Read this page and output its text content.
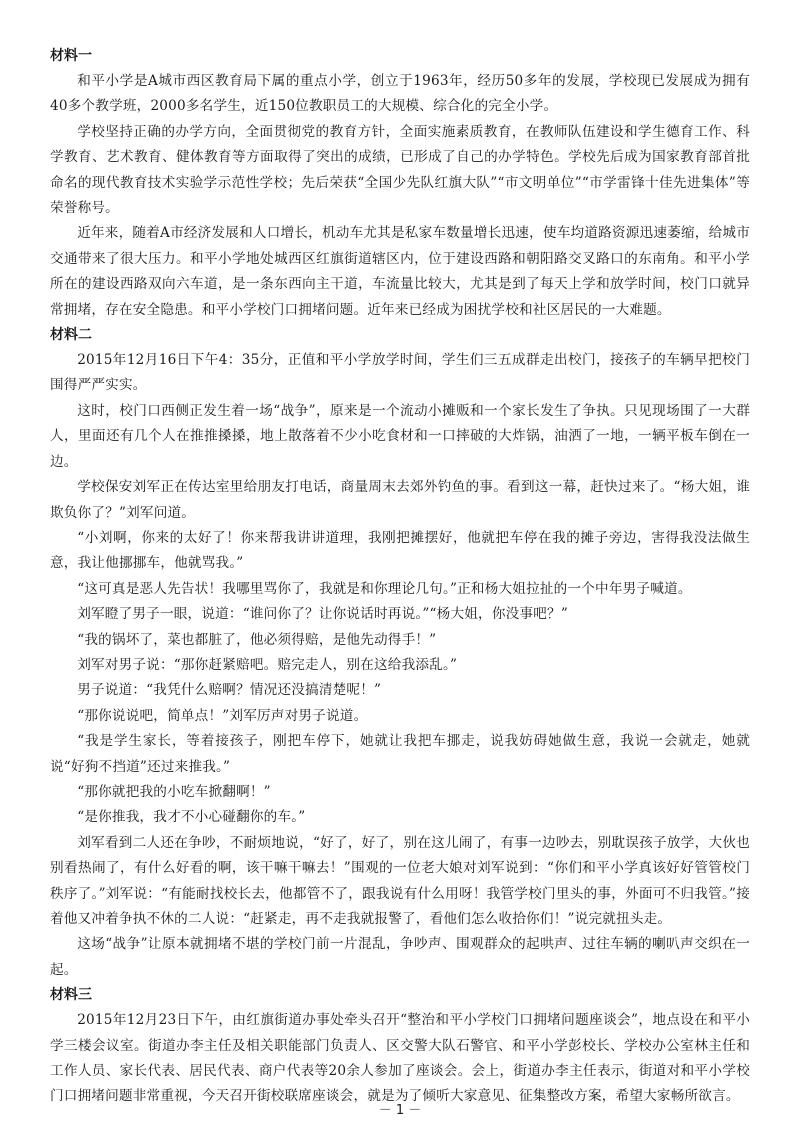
材料一

和平小学是A城市西区教育局下属的重点小学，创立于1963年，经历50多年的发展，学校现已发展成为拥有40多个教学班，2000多名学生，近150位教职员工的大规模、综合化的完全小学。

学校坚持正确的办学方向，全面贯彻党的教育方针，全面实施素质教育，在教师队伍建设和学生德育工作、科学教育、艺术教育、健体教育等方面取得了突出的成绩，已形成了自己的办学特色。学校先后成为国家教育部首批命名的现代教育技术实验学示范性学校；先后荣获“全国少先队红旗大队”“市文明单位”“市学雷锋十佳先进集体”等荣誉称号。

近年来，随着A市经济发展和人口增长，机动车尤其是私家车数量增长迅速，使车均道路资源迅速萎缩，给城市交通带来了很大压力。和平小学地处城西区红旗街道辖区内，位于建设西路和朝阳路交叉路口的东南角。和平小学所在的建设西路双向六车道，是一条东西向主干道，车流量比较大，尤其是到了每天上学和放学时间，校门口就异常拥堵，存在安全隐患。和平小学校门口拥堵问题。近年来已经成为困扰学校和社区居民的一大难题。

材料二

2015年12月16日下午4：35分，正值和平小学放学时间，学生们三五成群走出校门，接孩子的车辆早把校门围得严严实实。

这时，校门口西侧正发生着一场“战争”，原来是一个流动小摊贩和一个家长发生了争执。只见现场围了一大群人，里面还有几个人在推推搡搡，地上散落着不少小吃食材和一口摔破的大炸锅，油洒了一地，一辆平板车倒在一边。

学校保安刘军正在传达室里给朋友打电话，商量周末去郊外钓鱼的事。看到这一幕，赶快过来了。“杨大姐，谁欺负你了？”刘军问道。

“小刘啊，你来的太好了！你来帮我讲讲道理，我刚把摊摆好，他就把车停在我的摊子旁边，害得我没法做生意，我让他挪挪车，他就骂我。”

“这可真是恶人先告状！我哪里骂你了，我就是和你理论几句。”正和杨大姐拉扯的一个中年男子喊道。

刘军瞪了男子一眼，说道：“谁问你了？让你说话时再说。”“杨大姐，你没事吧？”

“我的锅坏了，菜也都脏了，他必须得赔，是他先动得手！”

刘军对男子说：“那你赶紧赔吧。赔完走人，别在这给我添乱。”

男子说道：“我凭什么赔啊？情况还没搞清楚呢！”

“那你说说吧，简单点！”刘军厉声对男子说道。

“我是学生家长，等着接孩子，刚把车停下，她就让我把车挪走，说我妨碍她做生意，我说一会就走，她就说“好狗不挡道”还过来推我。”

“那你就把我的小吃车掀翻啊！”

“是你推我，我才不小心碰翻你的车。”

刘军看到二人还在争吵，不耐烦地说，“好了，好了，别在这儿闹了，有事一边吵去，别耽误孩子放学，大伙也别看热闹了，有什么好看的啊，该干嘛干嘛去！”围观的一位老大娘对刘军说到：“你们和平小学真该好好管管校门秩序了。”刘军说：“有能耐找校长去，他都管不了，跟我说有什么用呀！我管学校门里头的事，外面可不归我管。”接着他又冲着争执不休的二人说：“赶紧走，再不走我就报警了，看他们怎么收拾你们！”说完就扭头走。

这场“战争”让原本就拥堵不堪的学校门前一片混乱，争吵声、围观群众的起哄声、过往车辆的喇叭声交织在一起。

材料三

2015年12月23日下午，由红旗街道办事处牵头召开“整治和平小学校门口拥堵问题座谈会”，地点设在和平小学三楼会议室。街道办李主任及相关职能部门负责人、区交警大队石警官、和平小学彭校长、学校办公室林主任和工作人员、家长代表、居民代表、商户代表等20余人参加了座谈会。会上，街道办李主任表示，街道对和平小学校门口拥堵问题非常重视，今天召开街校联席座谈会，就是为了倾听大家意见、征集整改方案，希望大家畅所欲言。

－ 1 －
